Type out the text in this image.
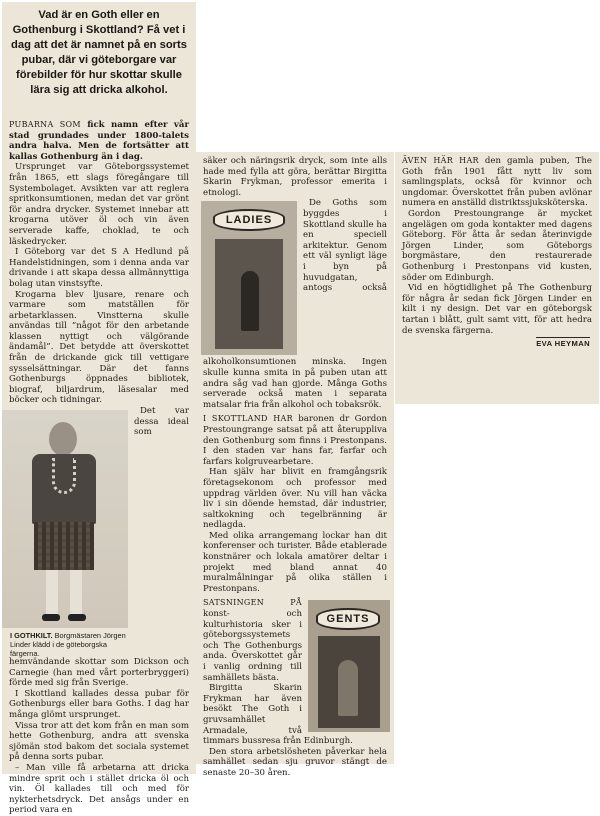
Vad är en Goth eller en Gothenburg i Skottland? Få vet i dag att det är namnet på en sorts pubar, där vi göteborgare var förebilder för hur skottar skulle lära sig att dricka alkohol.

PUBARNA SOM fick namn efter vår stad grundades under 1800-talets andra halva. Men de fortsätter att kallas Gothenburg än i dag.

Ursprunget var Göteborgssystemet från 1865, ett slags föregångare till Systembolaget. Avsikten var att reglera spritkonsumtionen, medan det var grönt för andra drycker. Systemet innebar att krogarna utöver öl och vin även serverade kaffe, choklad, te och läskedrycker.

I Göteborg var det S A Hedlund på Handelstidningen, som i denna anda var drivande i att skapa dessa allmännyttiga bolag utan vinstsyfte.

Krogarna blev ljusare, renare och varmare som matställen för arbetarklassen. Vinstterna skulle användas till ”något för den arbetande klassen nyttigt och välgörande ändamål”. Det betydde att överskottet från de drickande gick till vettigare sysselsättningar. Där det fanns Gothenburgs öppnades bibliotek, biograf, biljardrum, läsesalar med böcker och tidningar.

I GOTHKILT. Borgmästaren Jörgen Linder klädd i de göteborgska färgerna.

Det var dessa ideal som hemvändande skottar som Dickson och Carnegie (han med vårt porterbryggeri) förde med sig från Sverige.

I Skottland kallades dessa pubar för Gothenburgs eller bara Goths. I dag har många glömt ursprunget.

Vissa tror att det kom från en man som hette Gothenburg, andra att svenska sjömän stod bakom det sociala systemet på denna sorts pubar.

– Man ville få arbetarna att dricka mindre sprit och i stället dricka öl och vin. Öl kallades till och med för nykterhetsdryck. Det ansågs under en period vara en

säker och näringsrik dryck, som inte alls hade med fylla att göra, berättar Birgitta Skarin Frykman, professor emerita i etnologi.

LADIES

De Goths som byggdes i Skottland skulle ha en speciell arkitektur. Genom ett väl synligt läge i byn på huvudgatan, antogs också alkoholkonsumtionen minska. Ingen skulle kunna smita in på puben utan att andra såg vad han gjorde. Många Goths serverade också maten i separata matsalar fria från alkohol och tobaksrök.

I SKOTTLAND HAR baronen dr Gordon Prestoungrange satsat på att återuppliva den Gothenburg som finns i Prestonpans. I den staden var hans far, farfar och farfars kolgruvearbetare.

Han själv har blivit en framgångsrik företagsekonom och professor med uppdrag världen över. Nu vill han väcka liv i sin döende hemstad, där industrier, saltkokning och tegelbränning är nedlagda.

Med olika arrangemang lockar han dit konferenser och turister. Både etablerade konstnärer och lokala amatörer deltar i projekt med bland annat 40 muralmålningar på olika ställen i Prestonpans.

GENTS

SATSNINGEN PÅ konst- och kulturhistoria sker i göteborgssystemets och The Gothenburgs anda. Överskottet går i vanlig ordning till samhällets bästa.

Birgitta Skarin Frykman har även besökt The Goth i gruvsamhället Armadale, två timmars bussresa från Edinburgh.

Den stora arbetslösheten påverkar hela samhället sedan sju gruvor stängt de senaste 20–30 åren.

ÄVEN HÄR HAR den gamla puben, The Goth från 1901 fått nytt liv som samlingsplats, också för kvinnor och ungdomar. Överskottet från puben avlönar numera en anställd distriktssjuksköterska.

Gordon Prestoungrange är mycket angelägen om goda kontakter med dagens Göteborg. För åtta år sedan återinvigde Jörgen Linder, som Göteborgs borgmästare, den restaurerade Gothenburg i Prestonpans vid kusten, söder om Edinburgh.

Vid en högtidlighet på The Gothenburg för några år sedan fick Jörgen Linder en kilt i ny design. Det var en göteborgsk tartan i blått, gult samt vitt, för att hedra de svenska färgerna.

EVA HEYMAN
